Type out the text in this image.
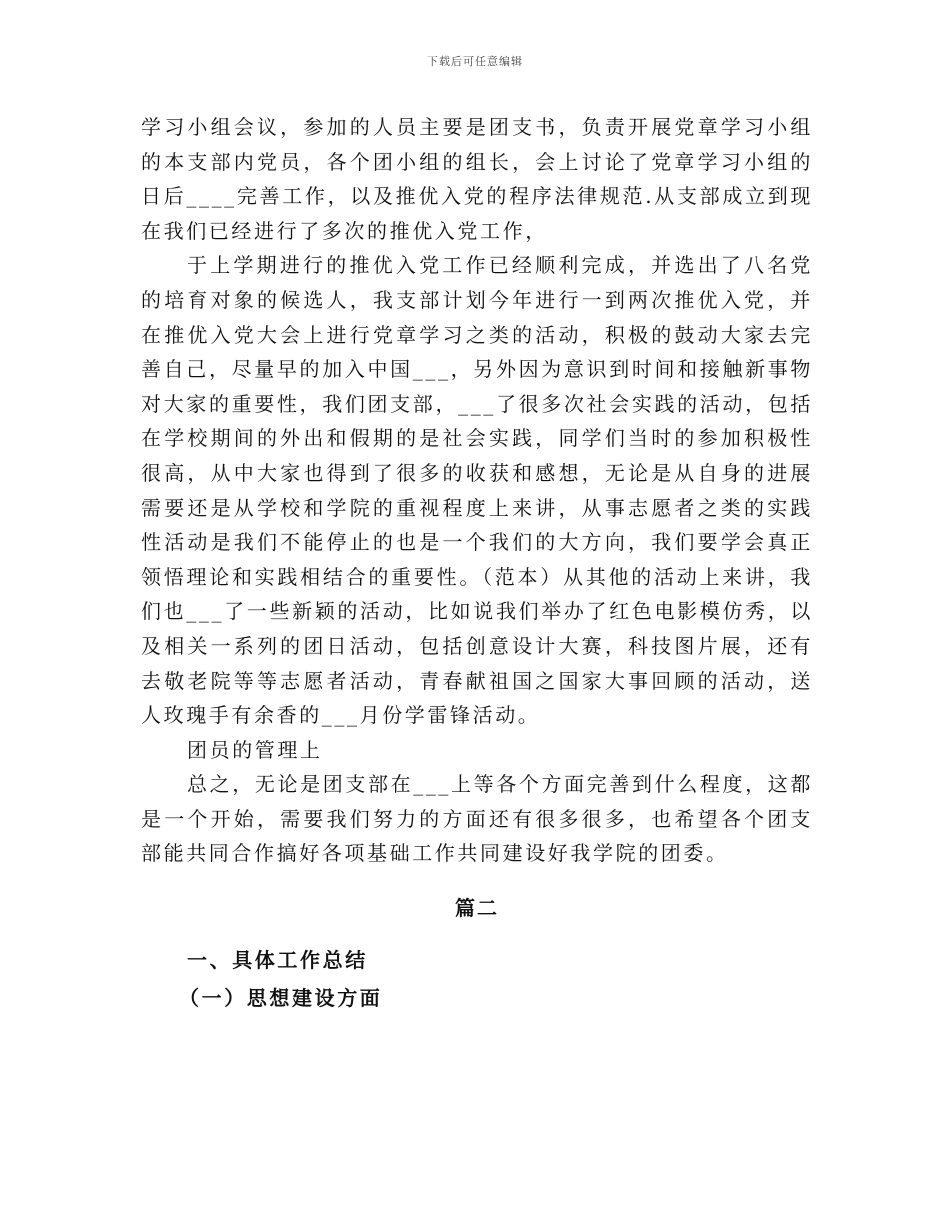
下载后可任意编辑

学习小组会议，参加的人员主要是团支书，负责开展党章学习小组的本支部内党员，各个团小组的组长，会上讨论了党章学习小组的日后____完善工作，以及推优入党的程序法律规范.从支部成立到现在我们已经进行了多次的推优入党工作，

于上学期进行的推优入党工作已经顺利完成，并选出了八名党的培育对象的候选人，我支部计划今年进行一到两次推优入党，并在推优入党大会上进行党章学习之类的活动，积极的鼓动大家去完善自己，尽量早的加入中国___，另外因为意识到时间和接触新事物对大家的重要性，我们团支部，___了很多次社会实践的活动，包括在学校期间的外出和假期的是社会实践，同学们当时的参加积极性很高，从中大家也得到了很多的收获和感想，无论是从自身的进展需要还是从学校和学院的重视程度上来讲，从事志愿者之类的实践性活动是我们不能停止的也是一个我们的大方向，我们要学会真正领悟理论和实践相结合的重要性。（范本）从其他的活动上来讲，我们也___了一些新颖的活动，比如说我们举办了红色电影模仿秀，以及相关一系列的团日活动，包括创意设计大赛，科技图片展，还有去敬老院等等志愿者活动，青春献祖国之国家大事回顾的活动，送人玫瑰手有余香的___月份学雷锋活动。

团员的管理上

总之，无论是团支部在___上等各个方面完善到什么程度，这都是一个开始，需要我们努力的方面还有很多很多，也希望各个团支部能共同合作搞好各项基础工作共同建设好我学院的团委。

篇二

一、具体工作总结

（一）思想建设方面
